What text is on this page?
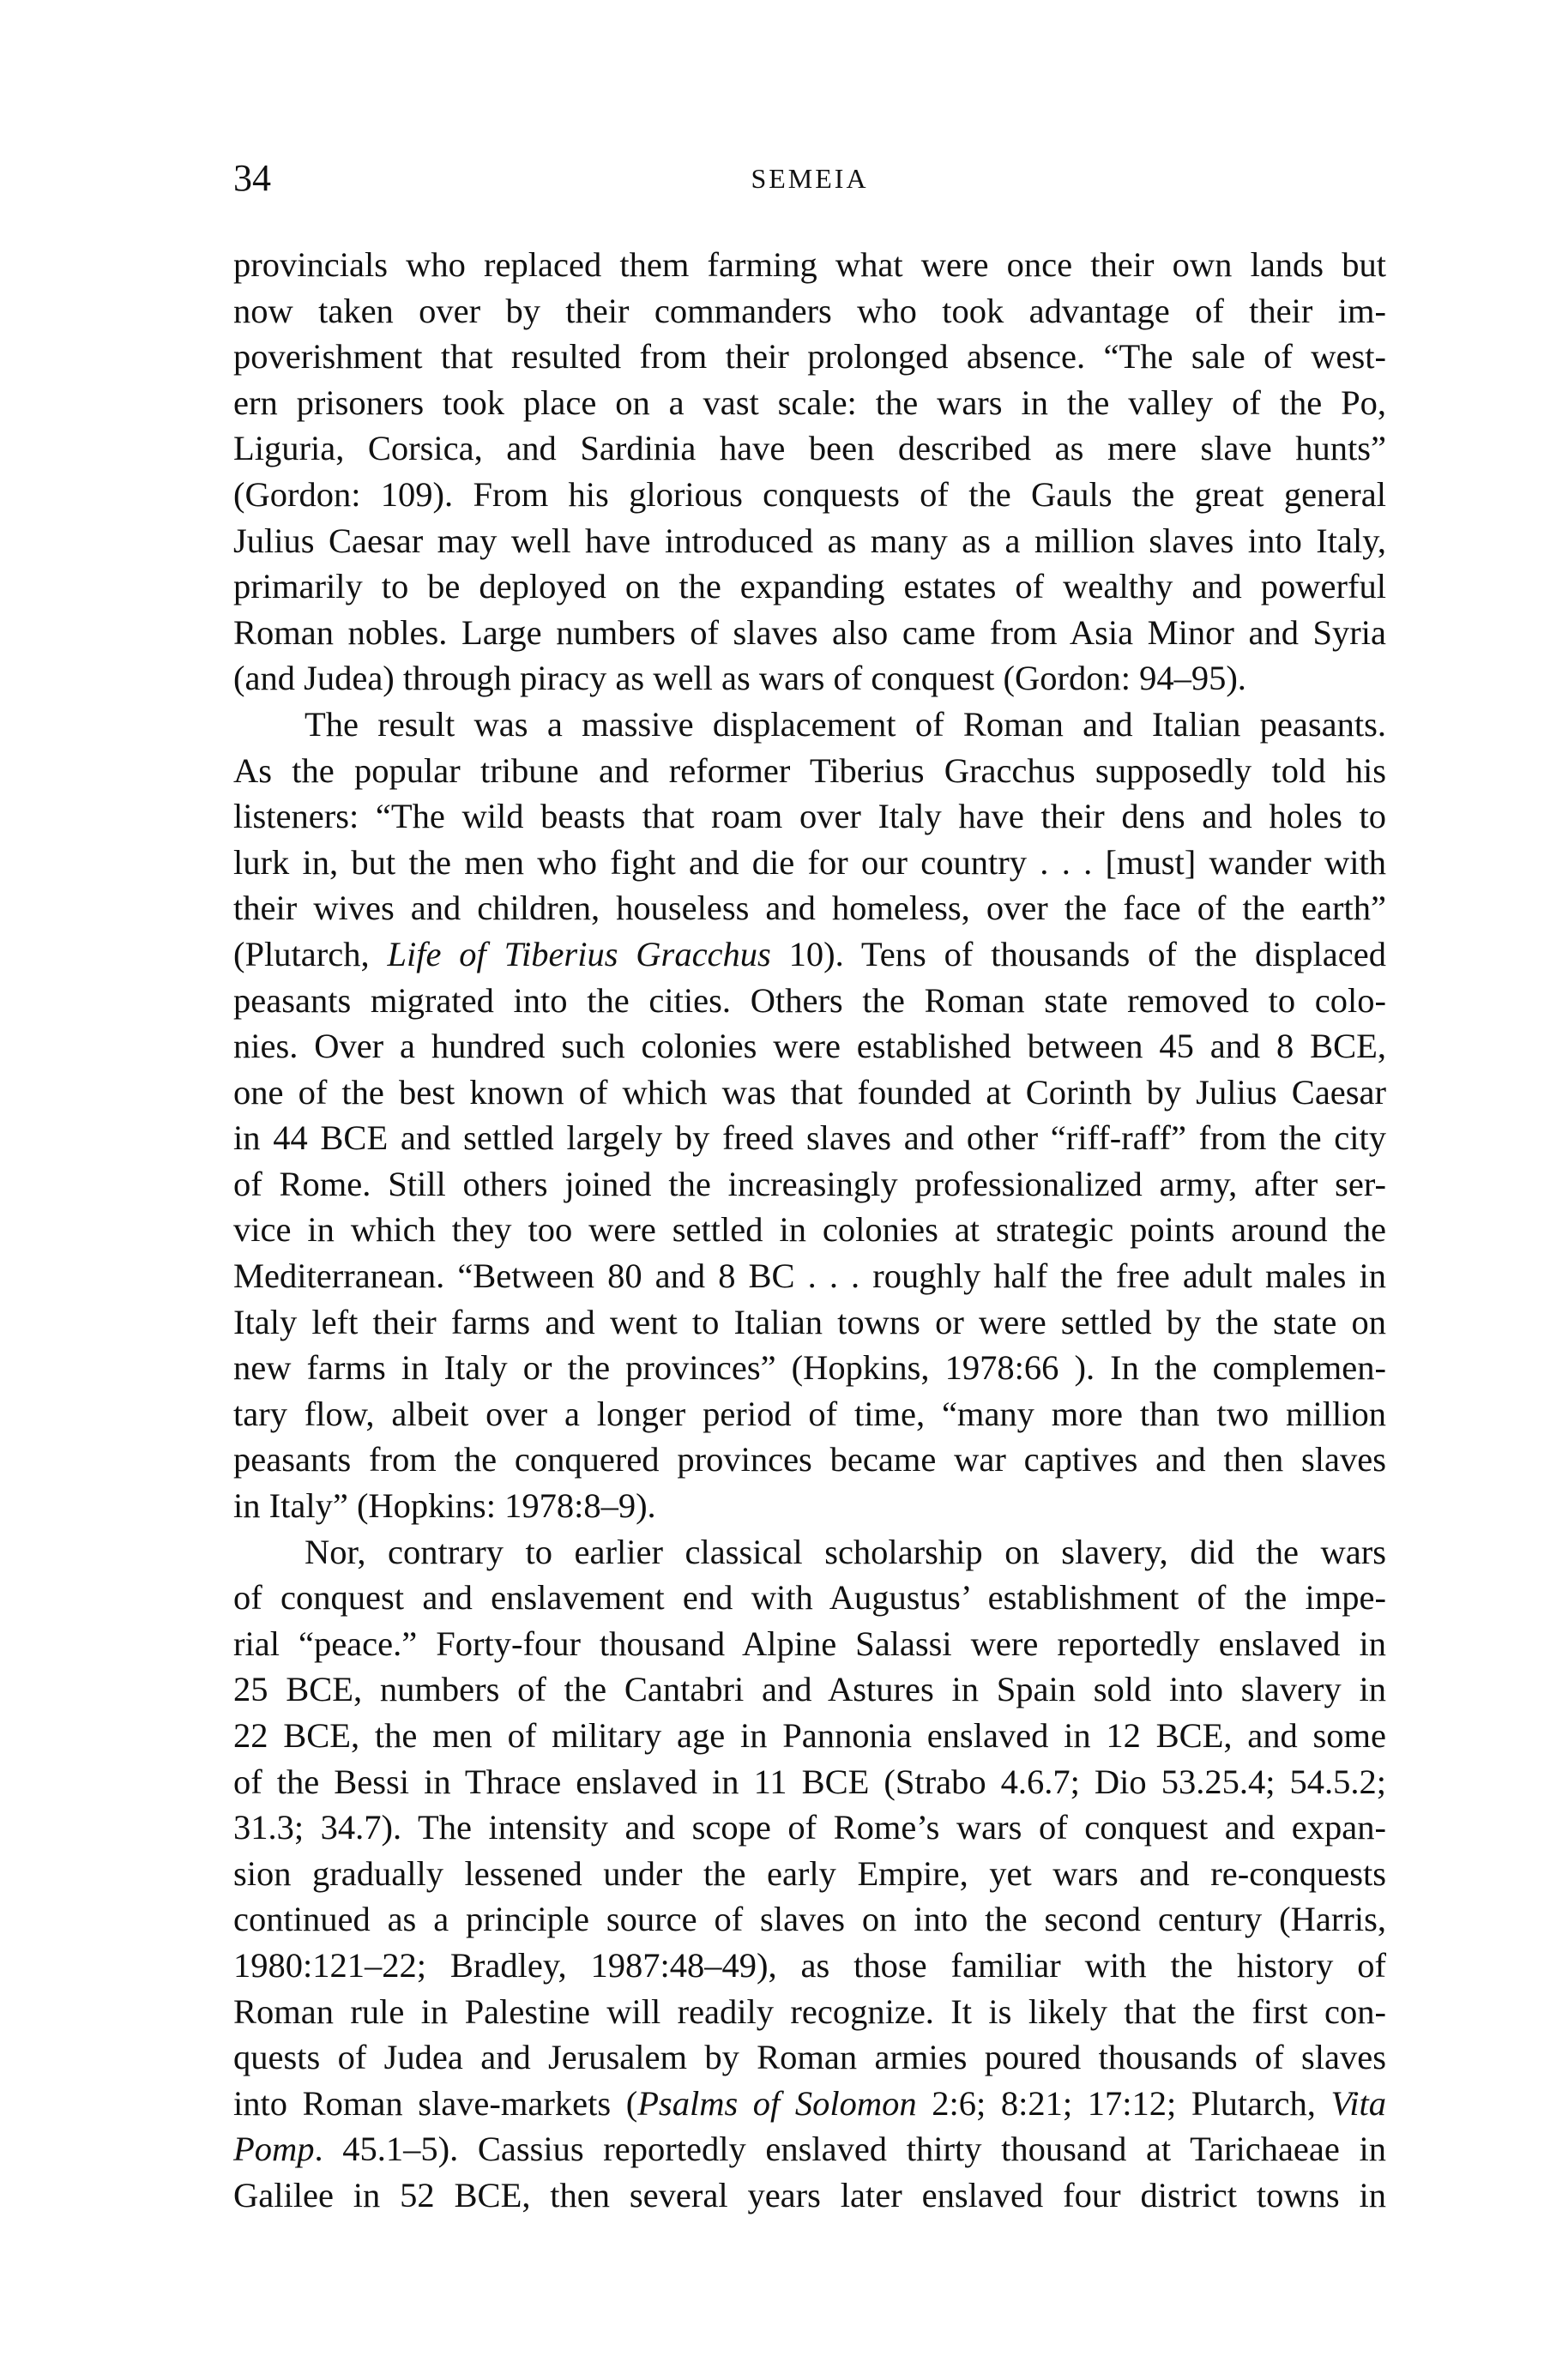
34	SEMEIA
provincials who replaced them farming what were once their own lands but
now taken over by their commanders who took advantage of their im-
poverishment that resulted from their prolonged absence. “The sale of west-
ern prisoners took place on a vast scale: the wars in the valley of the Po,
Liguria, Corsica, and Sardinia have been described as mere slave hunts”
(Gordon: 109). From his glorious conquests of the Gauls the great general
Julius Caesar may well have introduced as many as a million slaves into Italy,
primarily to be deployed on the expanding estates of wealthy and powerful
Roman nobles. Large numbers of slaves also came from Asia Minor and Syria
(and Judea) through piracy as well as wars of conquest (Gordon: 94–95).
The result was a massive displacement of Roman and Italian peasants.
As the popular tribune and reformer Tiberius Gracchus supposedly told his
listeners: “The wild beasts that roam over Italy have their dens and holes to
lurk in, but the men who fight and die for our country . . . [must] wander with
their wives and children, houseless and homeless, over the face of the earth”
(Plutarch, Life of Tiberius Gracchus 10). Tens of thousands of the displaced
peasants migrated into the cities. Others the Roman state removed to colo-
nies. Over a hundred such colonies were established between 45 and 8 BCE,
one of the best known of which was that founded at Corinth by Julius Caesar
in 44 BCE and settled largely by freed slaves and other “riff-raff” from the city
of Rome. Still others joined the increasingly professionalized army, after ser-
vice in which they too were settled in colonies at strategic points around the
Mediterranean. “Between 80 and 8 BC . . . roughly half the free adult males in
Italy left their farms and went to Italian towns or were settled by the state on
new farms in Italy or the provinces” (Hopkins, 1978:66 ). In the complemen-
tary flow, albeit over a longer period of time, “many more than two million
peasants from the conquered provinces became war captives and then slaves
in Italy” (Hopkins: 1978:8–9).
Nor, contrary to earlier classical scholarship on slavery, did the wars
of conquest and enslavement end with Augustus’ establishment of the impe-
rial “peace.” Forty-four thousand Alpine Salassi were reportedly enslaved in
25 BCE, numbers of the Cantabri and Astures in Spain sold into slavery in
22 BCE, the men of military age in Pannonia enslaved in 12 BCE, and some
of the Bessi in Thrace enslaved in 11 BCE (Strabo 4.6.7; Dio 53.25.4; 54.5.2;
31.3; 34.7). The intensity and scope of Rome’s wars of conquest and expan-
sion gradually lessened under the early Empire, yet wars and re-conquests
continued as a principle source of slaves on into the second century (Harris,
1980:121–22; Bradley, 1987:48–49), as those familiar with the history of
Roman rule in Palestine will readily recognize. It is likely that the first con-
quests of Judea and Jerusalem by Roman armies poured thousands of slaves
into Roman slave-markets (Psalms of Solomon 2:6; 8:21; 17:12; Plutarch, Vita
Pomp. 45.1–5). Cassius reportedly enslaved thirty thousand at Tarichaeae in
Galilee in 52 BCE, then several years later enslaved four district towns in
